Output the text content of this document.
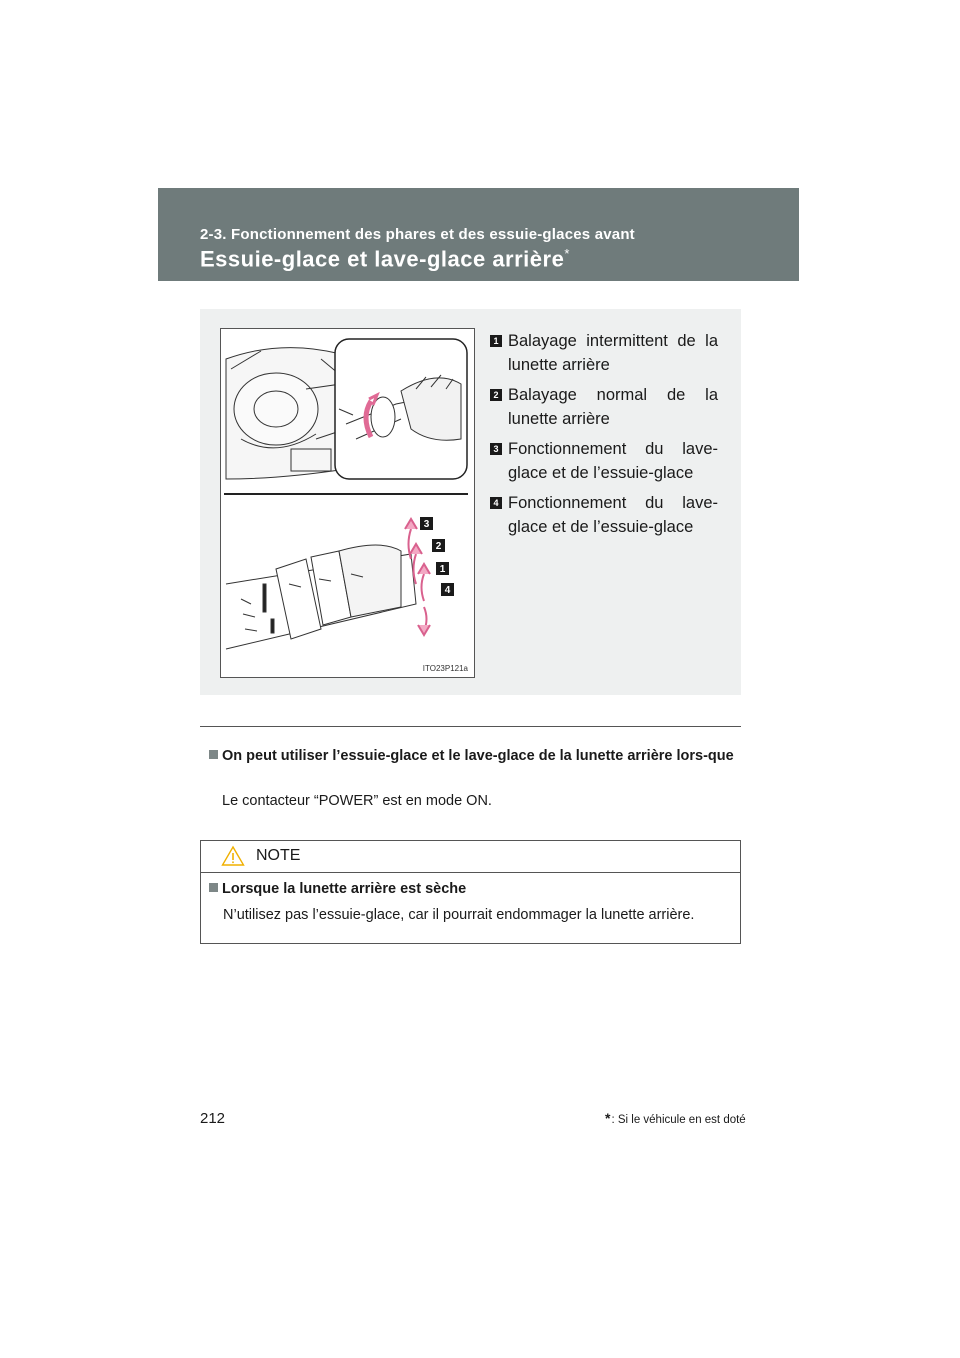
2-3. Fonctionnement des phares et des essuie-glaces avant
Essuie-glace et lave-glace arrière*
3
2
1
4
ITO23P121a
1 Balayage intermittent de la lunette arrière
2 Balayage normal de la lunette arrière
3 Fonctionnement du lave-glace et de l’essuie-glace
4 Fonctionnement du lave-glace et de l’essuie-glace
On peut utiliser l’essuie-glace et le lave-glace de la lunette arrière lors-que
Le contacteur “POWER” est en mode ON.
NOTE
Lorsque la lunette arrière est sèche
N’utilisez pas l’essuie-glace, car il pourrait endommager la lunette arrière.
*: Si le véhicule en est doté
212
